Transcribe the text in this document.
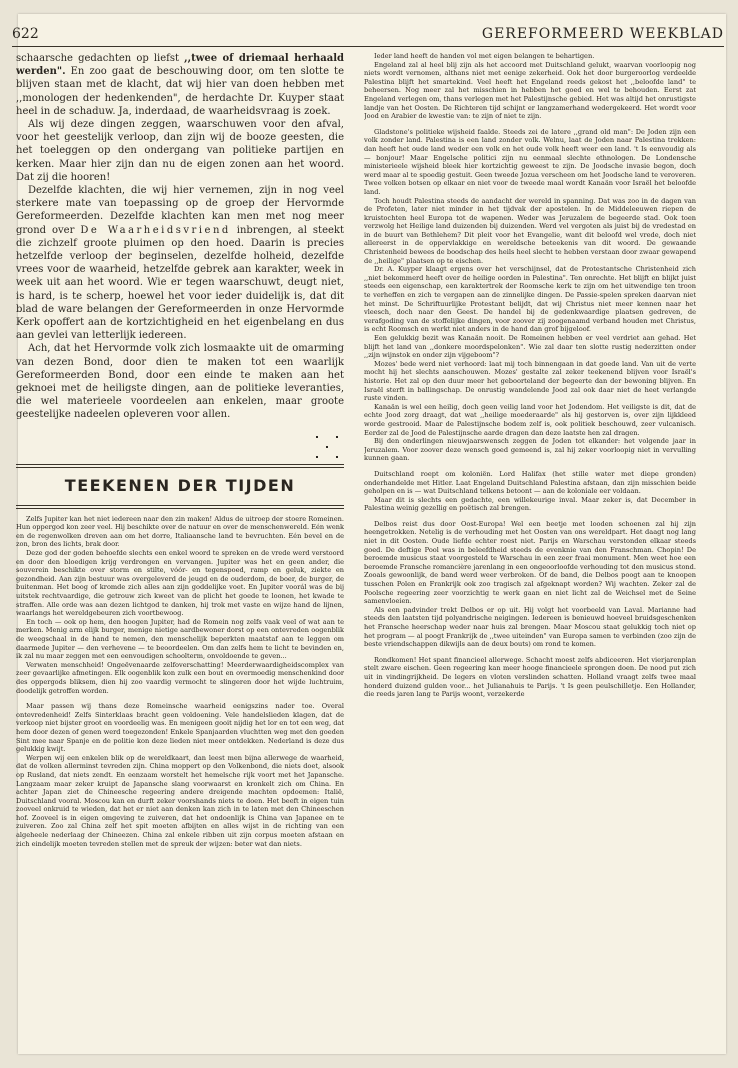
622	GEREFORMEERD WEEKBLAD

schaarsche gedachten op liefst ,,twee of driemaal herhaald werden". En zoo gaat de beschouwing door, om ten slotte te blijven staan met de klacht, dat wij hier van doen hebben met ,,monologen der hedenkenden", de herdachte Dr. Kuyper staat heel in de schaduw. Ja, inderdaad, de waarheidsvraag is zoek.

Als wij deze dingen zeggen, waarschuwen voor den afval, voor het geestelijk verloop, dan zijn wij de booze geesten, die het toeleggen op den ondergang van politieke partijen en kerken. Maar hier zijn dan nu de eigen zonen aan het woord. Dat zij die hooren!

Dezelfde klachten, die wij hier vernemen, zijn in nog veel sterkere mate van toepassing op de groep der Hervormde Gereformeerden. Dezelfde klachten kan men met nog meer grond over De Waarheidsvriend inbrengen, al steekt die zichzelf groote pluimen op den hoed. Daarin is precies hetzelfde verloop der beginselen, dezelfde holheid, dezelfde vrees voor de waarheid, hetzelfde gebrek aan karakter, week in week uit aan het woord. Wie er tegen waarschuwt, deugt niet, is hard, is te scherp, hoewel het voor ieder duidelijk is, dat dit blad de ware belangen der Gereformeerden in onze Hervormde Kerk opoffert aan de kortzichtigheid en het eigenbelang en dus aan gevlei van letterlijk iedereen.

Ach, dat het Hervormde volk zich losmaakte uit de omarming van dezen Bond, door dien te maken tot een waarlijk Gereformeerden Bond, door een einde te maken aan het geknoei met de heiligste dingen, aan de politieke leveranties, die wel materieele voordeelen aan enkelen, maar groote geestelijke nadeelen opleveren voor allen.

TEEKENEN DER TIJDEN

Zelfs Jupiter kan het niet iedereen naar den zin maken! Aldus de uitroep der stoere Romeinen. Hun oppergod kon zeer veel. Hij beschikte over de natuur en over de menschenwereld. Eén wenk en de regenwolken dreven aan om het dorre, Italiaansche land te bevruchten. Eén bevel en de zon, bron des lichts, brak door.

Deze god der goden behoefde slechts een enkel woord te spreken en de vrede werd verstoord en door den bloedigen krijg verdrongen en vervangen. Jupiter was het en geen ander, die souverein beschikte over storm en stilte, vóór- en tegenspoed, ramp en geluk, ziekte en gezondheid. Aan zijn bestuur was overgeleverd de jeugd en de ouderdom, de boer, de burger, de buitenman. Het boog of kromde zich alles aan zijn goddelijke voet. En Jupiter voorál was de bij uitstek rechtvaardige, die getrouw zich kweet van de plicht het goede te loonen, het kwade te straffen. Alle orde was aan dezen lichtgod te danken, hij trok met vaste en wijze hand de lijnen, waarlangs het wereldgebeuren zich voortbewoog.

En toch — ook op hem, den hoogen Jupiter, had de Romein nog zelfs vaak veel of wat aan te merken. Menig arm elijk burger, menige nietige aardbewoner dorst op een ontevreden oogenblik de weegschaal in de hand te nemen, den menschelijk beperkten maatstaf aan te leggen om daarmede Jupiter — den verhevene — te beoordeelen. Om dan zelfs hem te licht te bevinden en, ik zal nu maar zeggen met een eenvoudigen schoolterm, onvoldoende te geven...

Verwaten menschheid! Ongeëvenaarde zelfoverschatting! Meerderwaardigheidscomplex van zeer gevaarlijke afmetingen. Elk oogenblik kon zulk een bout en overmoedig menschenkind door des oppergods bliksem, dien hij zoo vaardig vermocht te slingeren door het wijde luchtruim, doodelijk getroffen worden.

Maar passen wij thans deze Romeinsche waarheid eenigszins nader toe. Overal ontevredenheid! Zelfs Sinterklaas bracht geen voldoening. Vele handelslieden klagen, dat de verkoop niet bijster groot en voordeelig was. En menigeen gooit nijdig het lor en tot een weg, dat hem door dezen of genen werd toegezonden! Enkele Spanjaarden vluchtten weg met den goeden Sint mee naar Spanje en de politie kon deze lieden niet meer ontdekken. Nederland is deze dus gelukkig kwijt.

Werpen wij een enkelen blik op de wereldkaart, dan leest men bijna allerwege de waarheid, dat de volken allerminst tevreden zijn. China moppert op den Volkenbond, die niets doet, alsook op Rusland, dat niets zendt. En eenzaam worstelt het hemelsche rijk voort met het Japansche. Langzaam maar zeker kruipt de Japansche slang voorwaarst en kronkelt zich om China. En achter Japan ziet de Chineesche regeering andere dreigende machten opdoemen: Italië, Duitschland vooral. Moscou kan en durft zeker voorshands niets te doen. Het beeft in eigen tuin zooveel onkruid te wieden, dat het er niet aan denken kan zich in te laten met den Chineeschen hof. Zooveel is in eigen omgeving te zuiveren, dat het ondoenlijk is China van Japanee en te zuiveren. Zoo zal China zelf het spit moeten afbijten en alles wijst in de richting van een algeheele nederlaag der Chineezen. China zal enkele ribben uit zijn corpus moeten afstaan en zich eindelijk moeten tevreden stellen met de spreuk der wijzen: beter wat dan niets.

Ieder land heeft de handen vol met eigen belangen te behartigen.

Engeland zal al heel blij zijn als het accoord met Duitschland gelukt, waarvan voorloopig nog niets wordt vernomen, althans niet met eenige zekerheid. Ook het door burgeroorlog verdeelde Palestina blijft het smartekind. Veel heeft het Engeland reeds gekost het ,,beloofde land" te beheersen. Nog meer zal het misschien in hebben het goed en wel te behouden. Eerst zat Engeland verlegen om, thans verlegen met het Palestijnsche gebied. Het was altijd het onrustigste landje van het Oosten. De Richteren tijd schijnt er langzamerhand wedergekeerd. Het wordt voor Jood en Arabier de kwestie van: te zijn of niet te zijn.

Gladstone's politieke wijsheid faalde. Steeds zei de latere ,,grand old man": De Joden zijn een volk zonder land. Palestina is een land zonder volk. Welnu, laat de Joden naar Palestina trekken: dan heeft het oude land weder een volk en het oude volk heeft weer een land. 't Is eenvoudig als — bonjour! Maar Engelsche politici zijn nu eenmaal slechte ethnologen. De Londensche ministerieele wijsheid bleek hier kortzichtig geweest te zijn. De Joodsche invasie begon, doch werd maar al te spoedig gestuit. Geen tweede Jozua verscheen om het Joodsche land te veroveren. Twee volken botsen op elkaar en niet voor de tweede maal wordt Kanaän voor Israël het beloofde land.

Toch houdt Palestina steeds de aandacht der wereld in spanning. Dat was zoo in de dagen van de Profeten, later niet minder in het tijdvak der apostelen. In de Middeleeuwen riepen de kruistochten heel Europa tot de wapenen. Weder was Jeruzalem de begeerde stad. Ook toen verzwolg het Heilige land duizenden bij duizenden. Werd vel vergoten als juist bij de vredestad en in de buurt van Bethlehem? Dit pleit voor het Evangelie, want dit beloofd wel vrede, doch niet allereerst in de oppervlakkige en wereldsche beteekenis van dit woord. De gewaande Christenheid bewees de boodschap des heils heel slecht te hebben verstaan door zwaar gewapend de ,,heilige" plaatsen op te eischen.

Dr. A. Kuyper klaagt ergens over het verschijnsel, dat de Protestantsche Christenheid zich ,,niet bekommerd heeft over de heilige oorden in Palestina". Ten onrechte. Het blijft en blijkt juist steeds een eigenschap, een karaktertrek der Roomsche kerk te zijn om het uitwendige ten troon te verheffen en zich te vergapen aan de zinnelijke dingen. De Passie-spelen spreken daarvan niet het minst. De Schriftuurlijke Protestant belijdt, dat wij Christus niet meer kennen naar het vleesch, doch naar den Geest. De handel bij de gedenkwaardige plaatsen gedreven, de verafgoding van de stoffelijke dingen, voor zoover zij zoogenaamd verband houden met Christus, is echt Roomsch en werkt niet anders in de hand dan grof bijgeloof.

Een gelukkig bezit was Kanaän nooit. De Romeinen hebben er veel verdriet aan gehad. Het blijft het land van ,,donkere moordspelonken". Wie zal daar ten slotte rustig nederzitten onder ,,zijn wijnstok en onder zijn vijgeboom"?

Mozes' bede werd niet verhoord: laat mij toch binnengaan in dat goede land. Van uit de verte mocht hij het slechts aanschouwen. Mozes' gestalte zal zeker teekenend blijven voor Israël's historie. Het zal op den duur meer het geboorteland der begeerte dan der bewoning blijven. En Israël sterft in ballingschap. De onrustig wandelende Jood zal ook daar niet de heet verlangde ruste vinden.

Kanaän is wel een heilig, doch geen veilig land voor het Jodendom. Het veiligste is dit, dat de echte Jood zorg draagt, dat wat ,,heilige moederaarde" als hij gestorven is, over zijn lijkkleed worde gestrooid. Maar de Palestijnsche bodem zelf is, ook politiek beschouwd, zeer vulcanisch. Eerder zal de Jood de Palestijnsche aarde dragen dan deze laatste hen zal dragen.

Bij den onderlingen nieuwjaarswensch zeggen de Joden tot elkander: het volgende jaar in Jeruzalem. Voor zoover deze wensch goed gemeend is, zal hij zeker voorloopig niet in vervulling kunnen gaan.

Duitschland roept om koloniën. Lord Halifax (het stille water met diepe gronden) onderhandelde met Hitler. Laat Engeland Duitschland Palestina afstaan, dan zijn misschien beide geholpen en is — wat Duitschland telkens betoont — aan de koloniale eer voldaan.

Maar dit is slechts een gedachte, een willekeurige inval. Maar zeker is, dat December in Palestina weinig gezellig en poëtisch zal brengen.

Delbos reist dus door Oost-Europa! Wel een beetje met looden schoenen zal hij zijn heengetrokken. Netelig is de verhouding met het Oosten van ons wereldpart. Het daagt nog lang niet in dit Oosten. Oude liefde echter roest niet. Parijs en Warschau verstonden elkaar steeds goed. De deftige Pool was in beleefdheid steeds de evenknie van den Franschman. Chopin! De beroemde musicus staat voorgesteld te Warschau in een zeer fraai monument. Men weet hoe een beroemde Fransche romancière jarenlang in een ongeoorloofde verhouding tot den musicus stond. Zooals gewoonlijk, de band werd weer verbroken. Of de band, die Delbos poogt aan te knoopen tusschen Polen en Frankrijk ook zoo tragisch zal afgeknapt worden? Wij wachten. Zeker zal de Poolsche regeering zeer voorzichtig te werk gaan en niet licht zal de Weichsel met de Seine samenvloeien.

Als een padvinder trekt Delbos er op uit. Hij volgt het voorbeeld van Laval. Marianne had steeds den laatsten tijd polyandrische neigingen. Iedereen is benieuwd hoeveel bruidsgeschenken het Fransche heerschap weder naar huis zal brengen. Maar Moscou staat gelukkig toch niet op het program — al poogt Frankrijk de ,,twee uiteinden" van Europa samen te verbinden (zoo zijn de beste vriendschappen dikwijls aan de deux bouts) om rond te komen.

Rondkomen! Het spant financieel allerwege. Schacht moest zelfs abdiceeren. Het vierjarenplan stelt zware eischen. Geen regeering kan meer hooge financieele sprongen doen. De nood put zich uit in vindingrijkheid. De legers en vloten verslinden schatten. Holland vraagt zelfs twee maal honderd duizend gulden voor... het Julianahuis te Parijs. 't Is geen peulschilletje. Een Hollander, die reeds jaren lang te Parijs woont, verzekerde
